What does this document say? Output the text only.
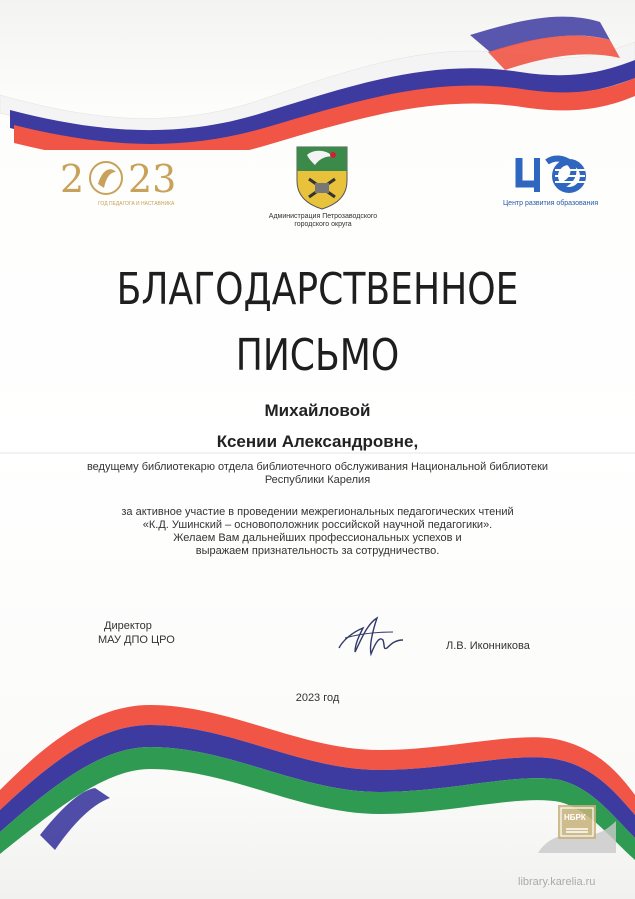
2 23
ГОД ПЕДАГОГА И НАСТАВНИКА
Администрация Петрозаводского городского округа
Центр развития образования
БЛАГОДАРСТВЕННОЕ
ПИСЬМО
Михайловой
Ксении Александровне,
ведущему библиотекарю отдела библиотечного обслуживания Национальной библиотеки
Республики Карелия
за активное участие в проведении межрегиональных педагогических чтений
«К.Д. Ушинский – основоположник российской научной педагогики».
Желаем Вам дальнейших профессиональных успехов и
выражаем признательность за сотрудничество.
Директор
МАУ ДПО ЦРО	Л.В. Иконникова
2023 год
НБРК
library.karelia.ru
